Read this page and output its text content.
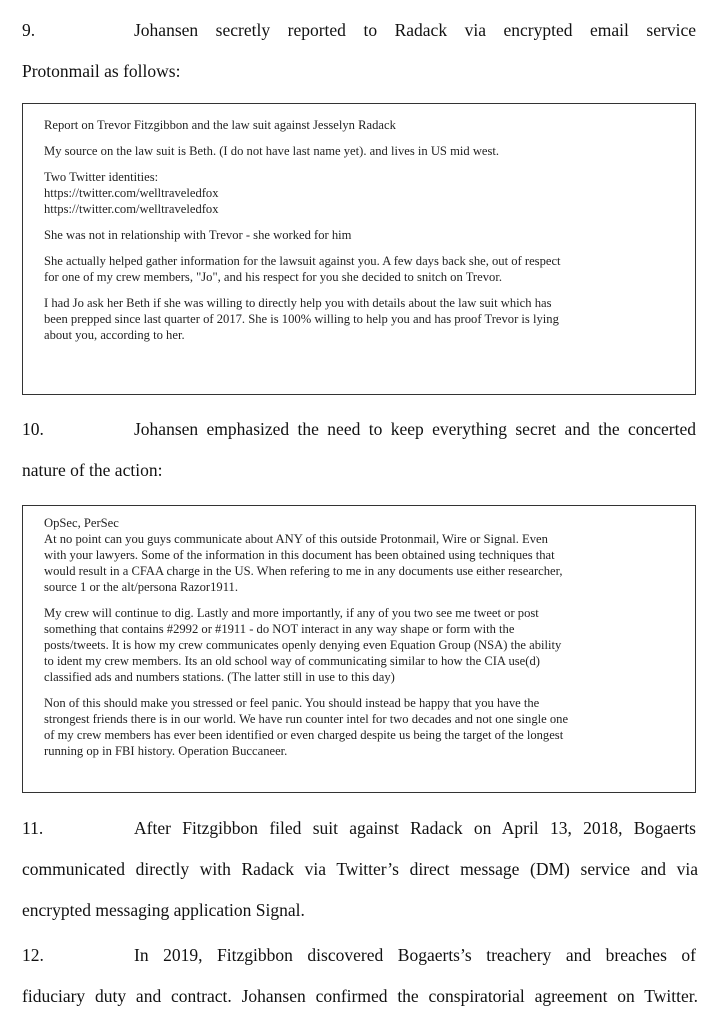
9.	Johansen secretly reported to Radack via encrypted email service
Protonmail as follows:

Report on Trevor Fitzgibbon and the law suit against Jesselyn Radack

My source on the law suit is Beth. (I do not have last name yet). and lives in US mid west.

Two Twitter identities:

https://twitter.com/welltraveledfox

https://twitter.com/welltraveledfox

She was not in relationship with Trevor - she worked for him

She actually helped gather information for the lawsuit against you. A few days back she, out of respect

for one of my crew members, "Jo", and his respect for you she decided to snitch on Trevor.

I had Jo ask her Beth if she was willing to directly help you with details about the law suit which has

been prepped since last quarter of 2017. She is 100% willing to help you and has proof Trevor is lying

about you, according to her.

10.	Johansen emphasized the need to keep everything secret and the concerted
nature of the action:

OpSec, PerSec

At no point can you guys communicate about ANY of this outside Protonmail, Wire or Signal. Even

with your lawyers. Some of the information in this document has been obtained using techniques that

would result in a CFAA charge in the US. When refering to me in any documents use either researcher,

source 1 or the alt/persona Razor1911.

My crew will continue to dig. Lastly and more importantly, if any of you two see me tweet or post

something that contains #2992 or #1911 - do NOT interact in any way shape or form with the

posts/tweets. It is how my crew communicates openly denying even Equation Group (NSA) the ability

to ident my crew members. Its an old school way of communicating similar to how the CIA use(d)

classified ads and numbers stations. (The latter still in use to this day)

Non of this should make you stressed or feel panic. You should instead be happy that you have the

strongest friends there is in our world. We have run counter intel for two decades and not one single one

of my crew members has ever been identified or even charged despite us being the target of the longest

running op in FBI history. Operation Buccaneer.

11.	After Fitzgibbon filed suit against Radack on April 13, 2018, Bogaerts
communicated directly with Radack via Twitter’s direct message (DM) service and via
encrypted messaging application Signal.
12.	In 2019, Fitzgibbon discovered Bogaerts’s treachery and breaches of
fiduciary duty and contract. Johansen confirmed the conspiratorial agreement on Twitter.
